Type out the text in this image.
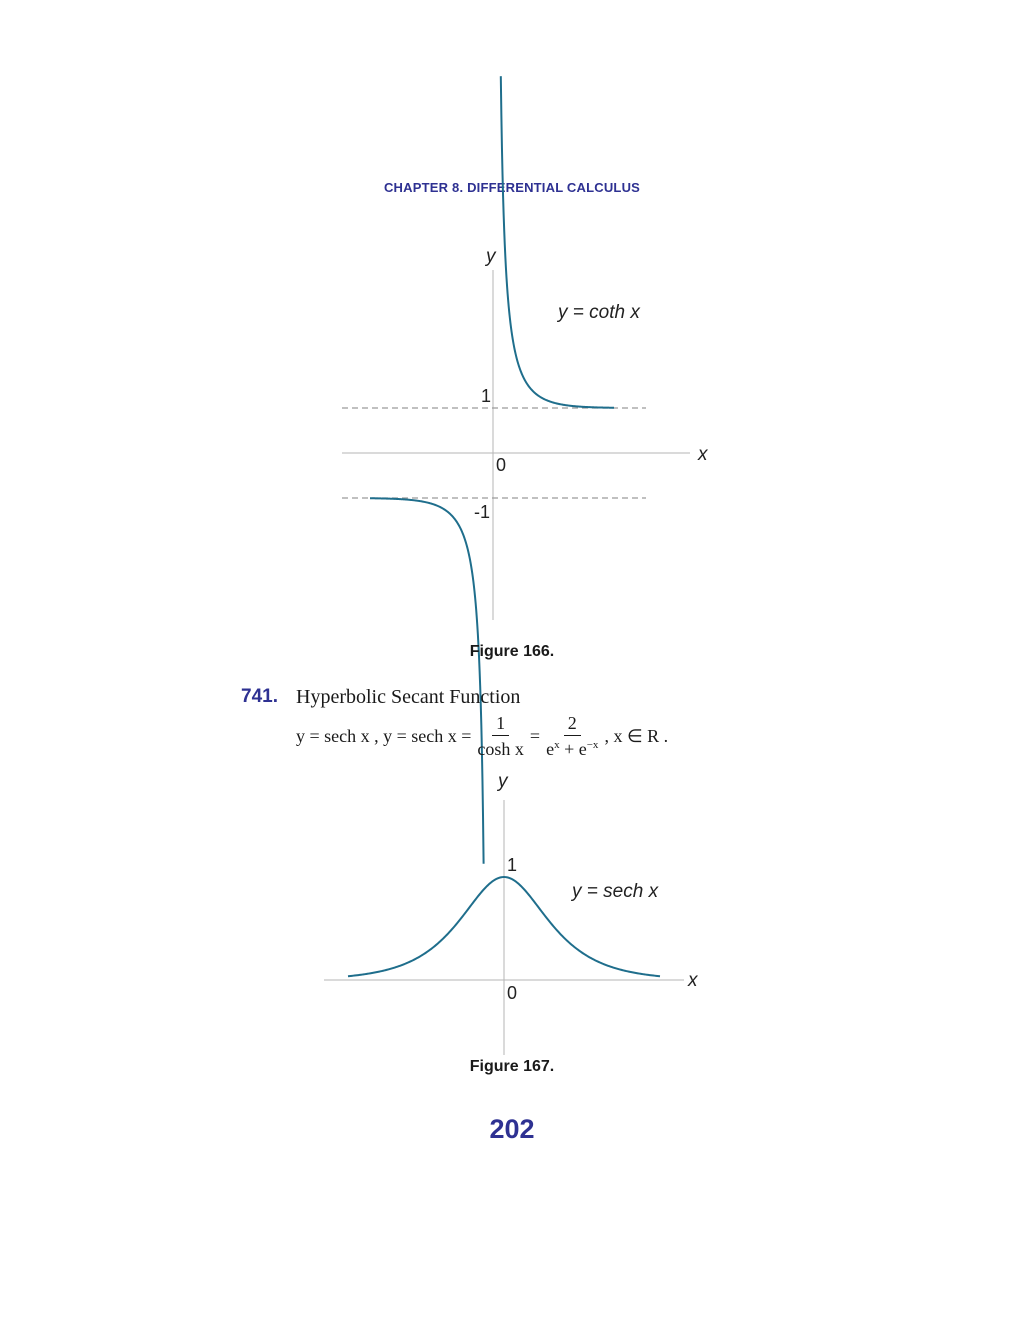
CHAPTER 8. DIFFERENTIAL CALCULUS
y
x
1
0
-1
y = coth x
Figure 166.
741. Hyperbolic Secant Function
y = sech x , y = sech $x = \frac{1}{\text{cosh x}} = \frac{2}{e^x + e^{-x}}$ , x ∈ R .
y
x
1
0
y = sech x
Figure 167.
202
